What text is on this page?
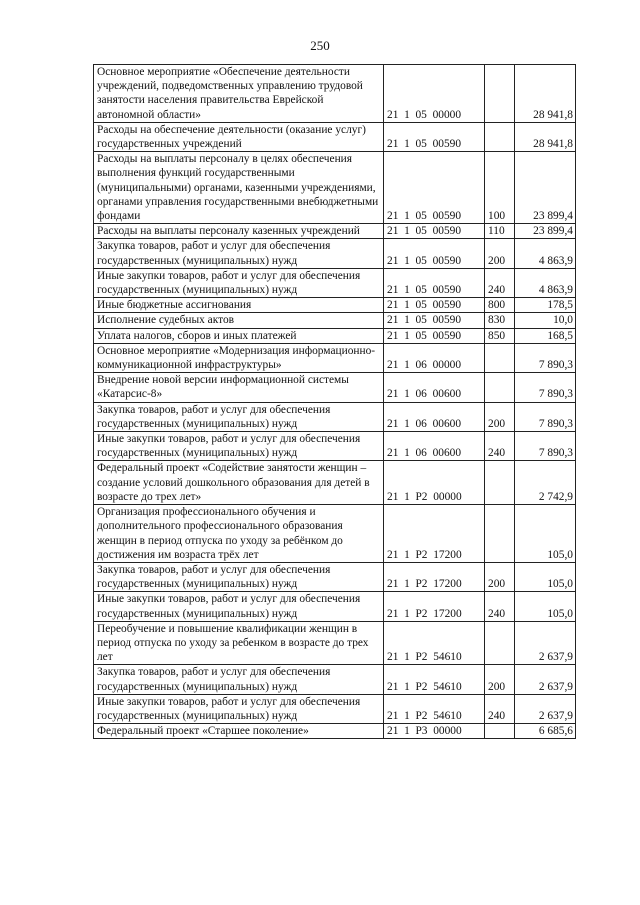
250
Основное мероприятие «Обеспечение деятельности учреждений, подведомственных управлению трудовой занятости населения правительства Еврейской автономной области»	21  1  05  00000		28 941,8
Расходы на обеспечение деятельности (оказание услуг) государственных учреждений	21  1  05  00590		28 941,8
Расходы на выплаты персоналу в целях обеспечения выполнения функций государственными (муниципальными) органами, казенными учреждениями, органами управления государственными внебюджетными фондами	21  1  05  00590	100	23 899,4
Расходы на выплаты персоналу казенных учреждений	21  1  05  00590	110	23 899,4
Закупка товаров, работ и услуг для обеспечения государственных (муниципальных) нужд	21  1  05  00590	200	4 863,9
Иные закупки товаров, работ и услуг для обеспечения государственных (муниципальных) нужд	21  1  05  00590	240	4 863,9
Иные бюджетные ассигнования	21  1  05  00590	800	178,5
Исполнение судебных актов	21  1  05  00590	830	10,0
Уплата налогов, сборов и иных платежей	21  1  05  00590	850	168,5
Основное мероприятие «Модернизация информационно-коммуникационной инфраструктуры»	21  1  06  00000		7 890,3
Внедрение новой версии информационной системы «Катарсис-8»	21  1  06  00600		7 890,3
Закупка товаров, работ и услуг для обеспечения государственных (муниципальных) нужд	21  1  06  00600	200	7 890,3
Иные закупки товаров, работ и услуг для обеспечения государственных (муниципальных) нужд	21  1  06  00600	240	7 890,3
Федеральный проект «Содействие занятости женщин – создание условий дошкольного образования для детей в возрасте до трех лет»	21  1  Р2  00000		2 742,9
Организация профессионального обучения и дополнительного профессионального образования женщин в период отпуска по уходу за ребёнком до достижения им возраста трёх лет	21  1  Р2  17200		105,0
Закупка товаров, работ и услуг для обеспечения государственных (муниципальных) нужд	21  1  Р2  17200	200	105,0
Иные закупки товаров, работ и услуг для обеспечения государственных (муниципальных) нужд	21  1  Р2  17200	240	105,0
Переобучение и повышение квалификации женщин в период отпуска по уходу за ребенком в возрасте до трех лет	21  1  Р2  54610		2 637,9
Закупка товаров, работ и услуг для обеспечения государственных (муниципальных) нужд	21  1  Р2  54610	200	2 637,9
Иные закупки товаров, работ и услуг для обеспечения государственных (муниципальных) нужд	21  1  Р2  54610	240	2 637,9
Федеральный проект «Старшее поколение»	21  1  Р3  00000		6 685,6
